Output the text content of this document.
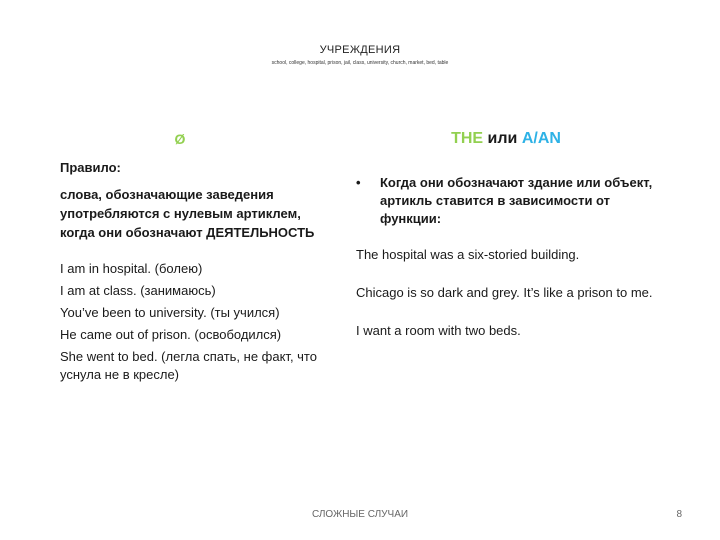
УЧРЕЖДЕНИЯ
school, college, hospital, prison, jail, class, university, church, market, bed, table
Ø
Правило:
слова, обозначающие заведения употребляются с нулевым артиклем, когда они обозначают ДЕЯТЕЛЬНОСТЬ
I am in hospital. (болею)
I am at class. (занимаюсь)
You’ve been to university. (ты учился)
He came out of prison. (освободился)
She went to bed. (легла спать, не факт, что уснула не в кресле)
THE или A/AN
•	Когда они обозначают здание или объект, артикль ставится в зависимости от функции:
The hospital was a six-storied building.
Chicago is so dark and grey. It’s like a prison to me.
I want a room with two beds.
СЛОЖНЫЕ СЛУЧАИ	8
